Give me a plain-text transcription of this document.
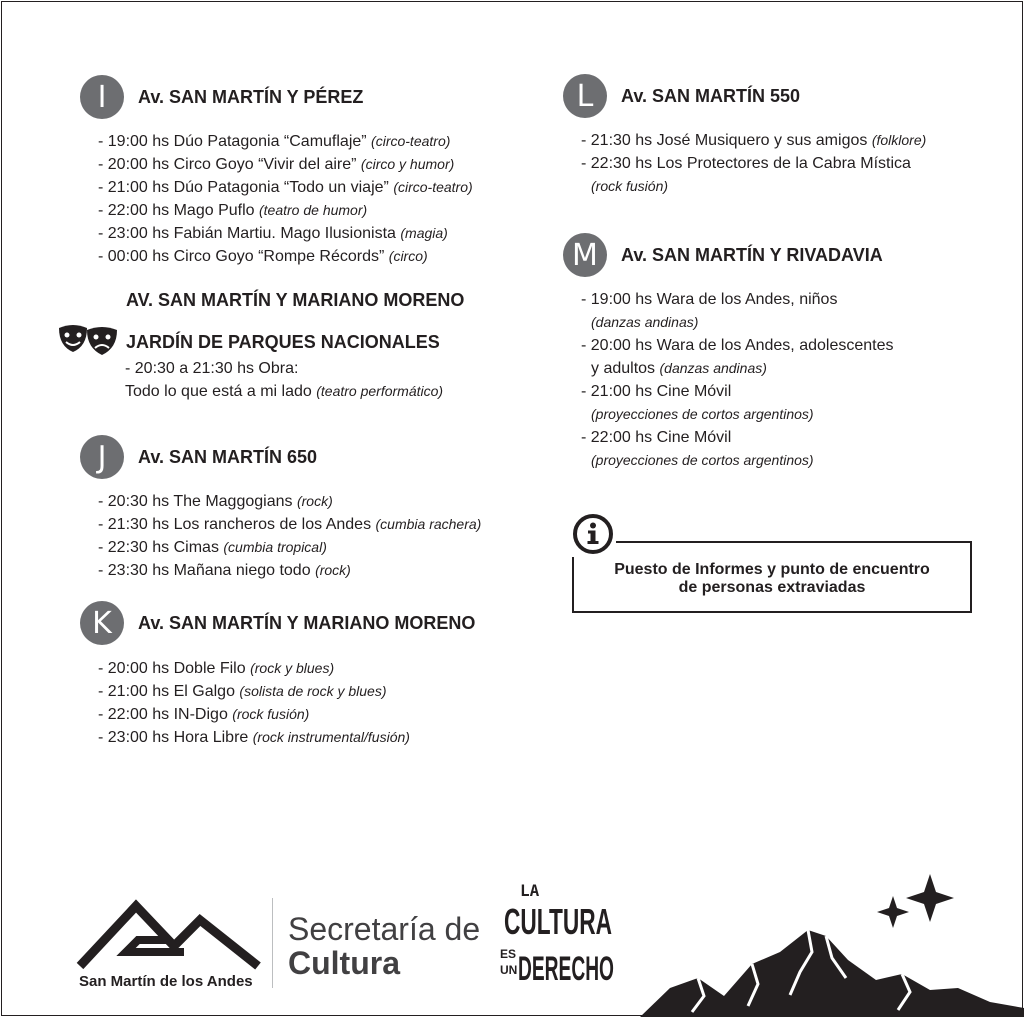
I	Av. SAN MARTÍN Y PÉREZ
- 19:00 hs Dúo Patagonia “Camuflaje” (circo-teatro)
- 20:00 hs Circo Goyo “Vivir del aire” (circo y humor)
- 21:00 hs Dúo Patagonia “Todo un viaje” (circo-teatro)
- 22:00 hs Mago Puflo (teatro de humor)
- 23:00 hs Fabián Martiu. Mago Ilusionista (magia)
- 00:00 hs Circo Goyo “Rompe Récords” (circo)
AV. SAN MARTÍN Y MARIANO MORENO
JARDÍN DE PARQUES NACIONALES
- 20:30 a 21:30 hs Obra:
Todo lo que está a mi lado (teatro performático)
J	Av. SAN MARTÍN 650
- 20:30 hs The Maggogians (rock)
- 21:30 hs Los rancheros de los Andes (cumbia rachera)
- 22:30 hs Cimas (cumbia tropical)
- 23:30 hs Mañana niego todo (rock)
K	Av. SAN MARTÍN Y MARIANO MORENO
- 20:00 hs Doble Filo (rock y blues)
- 21:00 hs El Galgo (solista de rock y blues)
- 22:00 hs IN-Digo (rock fusión)
- 23:00 hs Hora Libre (rock instrumental/fusión)
L	Av. SAN MARTÍN 550
- 21:30 hs José Musiquero y sus amigos (folklore)
- 22:30 hs Los Protectores de la Cabra Mística
(rock fusión)
M	Av. SAN MARTÍN Y RIVADAVIA
- 19:00 hs Wara de los Andes, niños
(danzas andinas)
- 20:00 hs Wara de los Andes, adolescentes
y adultos (danzas andinas)
- 21:00 hs Cine Móvil
(proyecciones de cortos argentinos)
- 22:00 hs Cine Móvil
(proyecciones de cortos argentinos)
Puesto de Informes y punto de encuentro
de personas extraviadas
San Martín de los Andes
Secretaría de
Cultura
LA
CULTURA
ES
UN DERECHO
